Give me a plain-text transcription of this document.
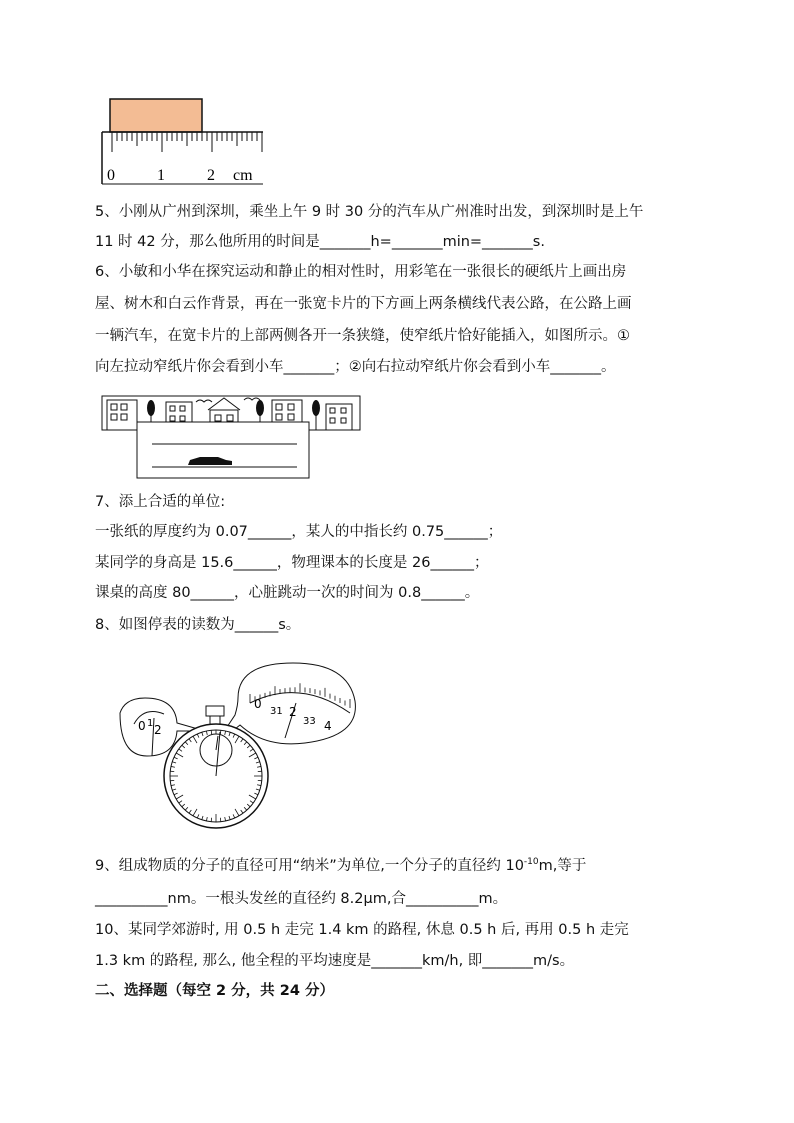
0	1	2 cm
5、小刚从广州到深圳，乘坐上午 9 时 30 分的汽车从广州准时出发，到深圳时是上午
11 时 42 分，那么他所用的时间是_______h=_______min=_______s.
6、小敏和小华在探究运动和静止的相对性时，用彩笔在一张很长的硬纸片上画出房
屋、树木和白云作背景，再在一张宽卡片的下方画上两条横线代表公路，在公路上画
一辆汽车，在宽卡片的上部两侧各开一条狭缝，使窄纸片恰好能插入，如图所示。①
向左拉动窄纸片你会看到小车_______；②向右拉动窄纸片你会看到小车_______。
7、添上合适的单位:
一张纸的厚度约为 0.07______，某人的中指长约 0.75______；
某同学的身高是 15.6______，物理课本的长度是 26______；
课桌的高度 80______，心脏跳动一次的时间为 0.8______。
8、如图停表的读数为______s。
0 1 2
0
31 2
33 4
9、组成物质的分子的直径可用“纳米”为单位,一个分子的直径约 $10^{-10}m$,等于
__________nm。一根头发丝的直径约 8.2μm,合__________m。
10、某同学郊游时, 用 0.5 h 走完 1.4 km 的路程, 休息 0.5 h 后, 再用 0.5 h 走完
1.3 km 的路程, 那么, 他全程的平均速度是_______km/h, 即_______m/s。
二、选择题（每空 2 分，共 24 分）
